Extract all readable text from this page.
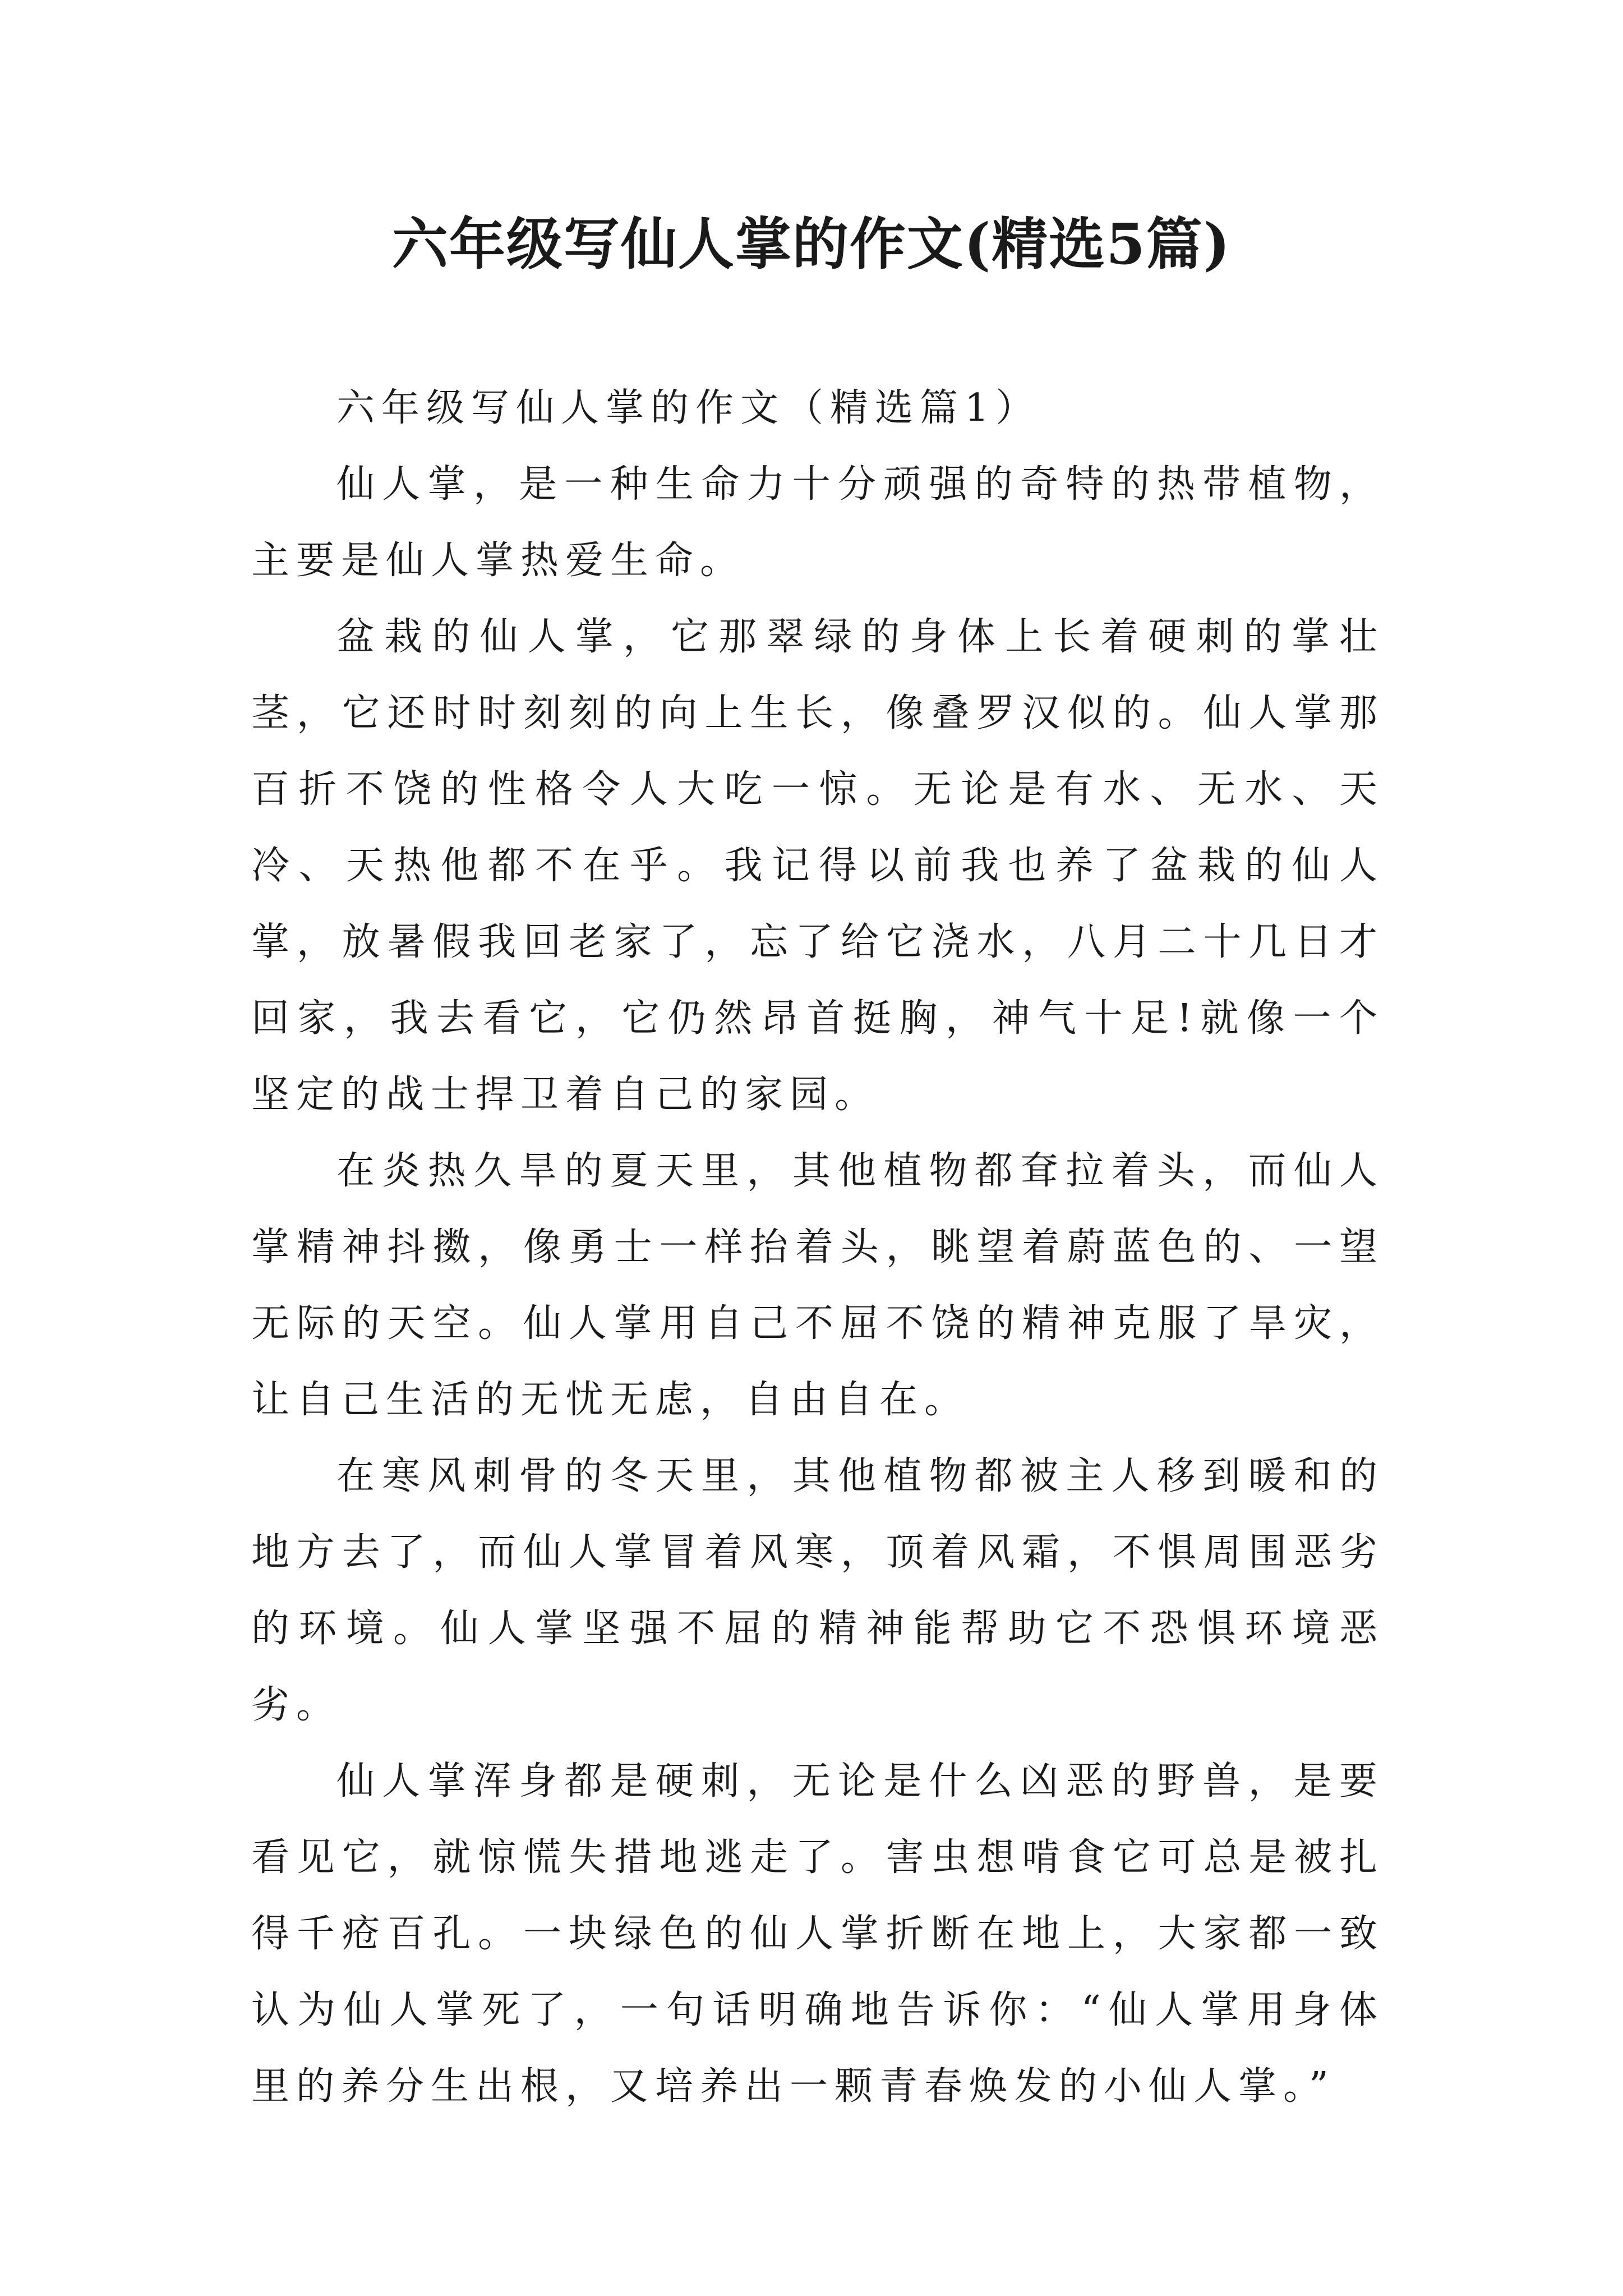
六年级写仙人掌的作文(精选5篇)

六年级写仙人掌的作文（精选篇1）

仙人掌，是一种生命力十分顽强的奇特的热带植物，主要是仙人掌热爱生命。

盆栽的仙人掌，它那翠绿的身体上长着硬刺的掌壮茎，它还时时刻刻的向上生长，像叠罗汉似的。仙人掌那百折不饶的性格令人大吃一惊。无论是有水、无水、天冷、天热他都不在乎。我记得以前我也养了盆栽的仙人掌，放暑假我回老家了，忘了给它浇水，八月二十几日才回家，我去看它，它仍然昂首挺胸，神气十足!就像一个坚定的战士捍卫着自己的家园。

在炎热久旱的夏天里，其他植物都耷拉着头，而仙人掌精神抖擞，像勇士一样抬着头，眺望着蔚蓝色的、一望无际的天空。仙人掌用自己不屈不饶的精神克服了旱灾，让自己生活的无忧无虑，自由自在。

在寒风刺骨的冬天里，其他植物都被主人移到暖和的地方去了，而仙人掌冒着风寒，顶着风霜，不惧周围恶劣的环境。仙人掌坚强不屈的精神能帮助它不恐惧环境恶劣。

仙人掌浑身都是硬刺，无论是什么凶恶的野兽，是要看见它，就惊慌失措地逃走了。害虫想啃食它可总是被扎得千疮百孔。一块绿色的仙人掌折断在地上，大家都一致认为仙人掌死了，一句话明确地告诉你：“仙人掌用身体里的养分生出根，又培养出一颗青春焕发的小仙人掌。”
